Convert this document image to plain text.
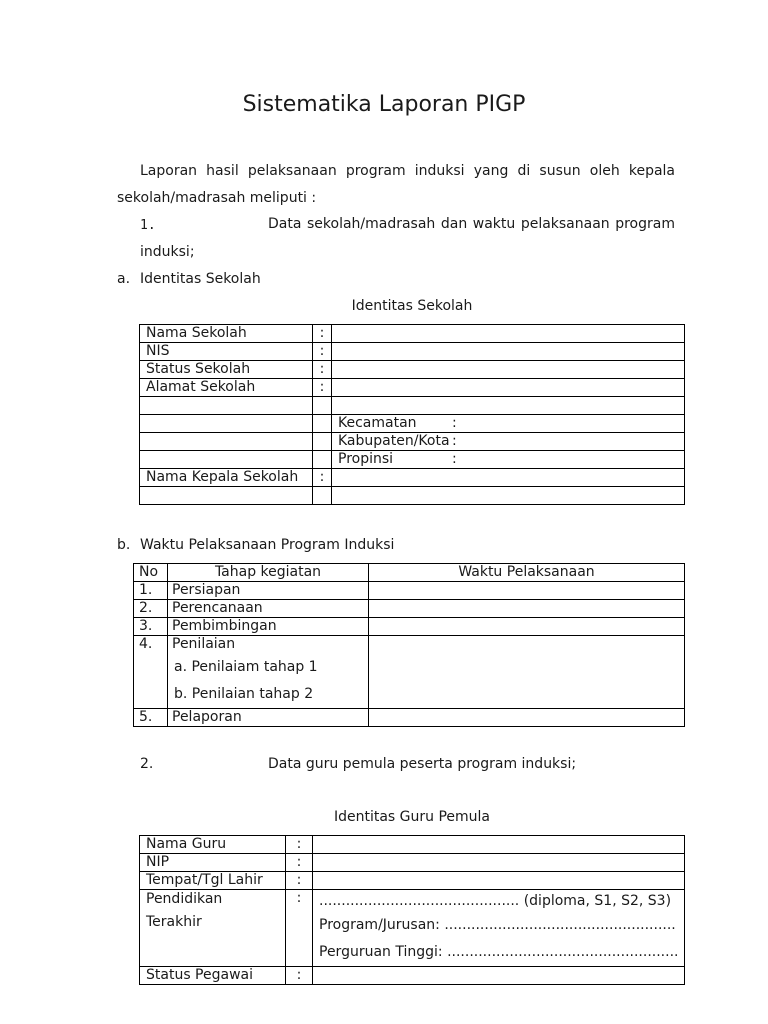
Sistematika Laporan PIGP
Laporan hasil pelaksanaan program induksi yang di susun oleh kepala
sekolah/madrasah meliputi :
1.	Data sekolah/madrasah dan waktu pelaksanaan program
induksi;
a. Identitas Sekolah
Identitas Sekolah
Nama Sekolah	:	
NIS	:	
Status Sekolah	:	
Alamat Sekolah	:	

		Kecamatan :
		Kabupaten/Kota :
		Propinsi :
Nama Kepala Sekolah	:	

b. Waktu Pelaksanaan Program Induksi
No	Tahap kegiatan	Waktu Pelaksanaan
1.	Persiapan	
2.	Perencanaan	
3.	Pembimbingan	
4.	Penilaian
a. Penilaiam tahap 1
b. Penilaian tahap 2	

5.	Pelaporan	
2.	Data guru pemula peserta program induksi;
Identitas Guru Pemula
Nama Guru	:	
NIP	:	
Tempat/Tgl Lahir	:	

Pendidikan
Terakhir	:	............................................. (diploma, S1, S2, S3)
Program/Jurusan: ....................................................
Perguruan Tinggi: ....................................................

Status Pegawai	:	
